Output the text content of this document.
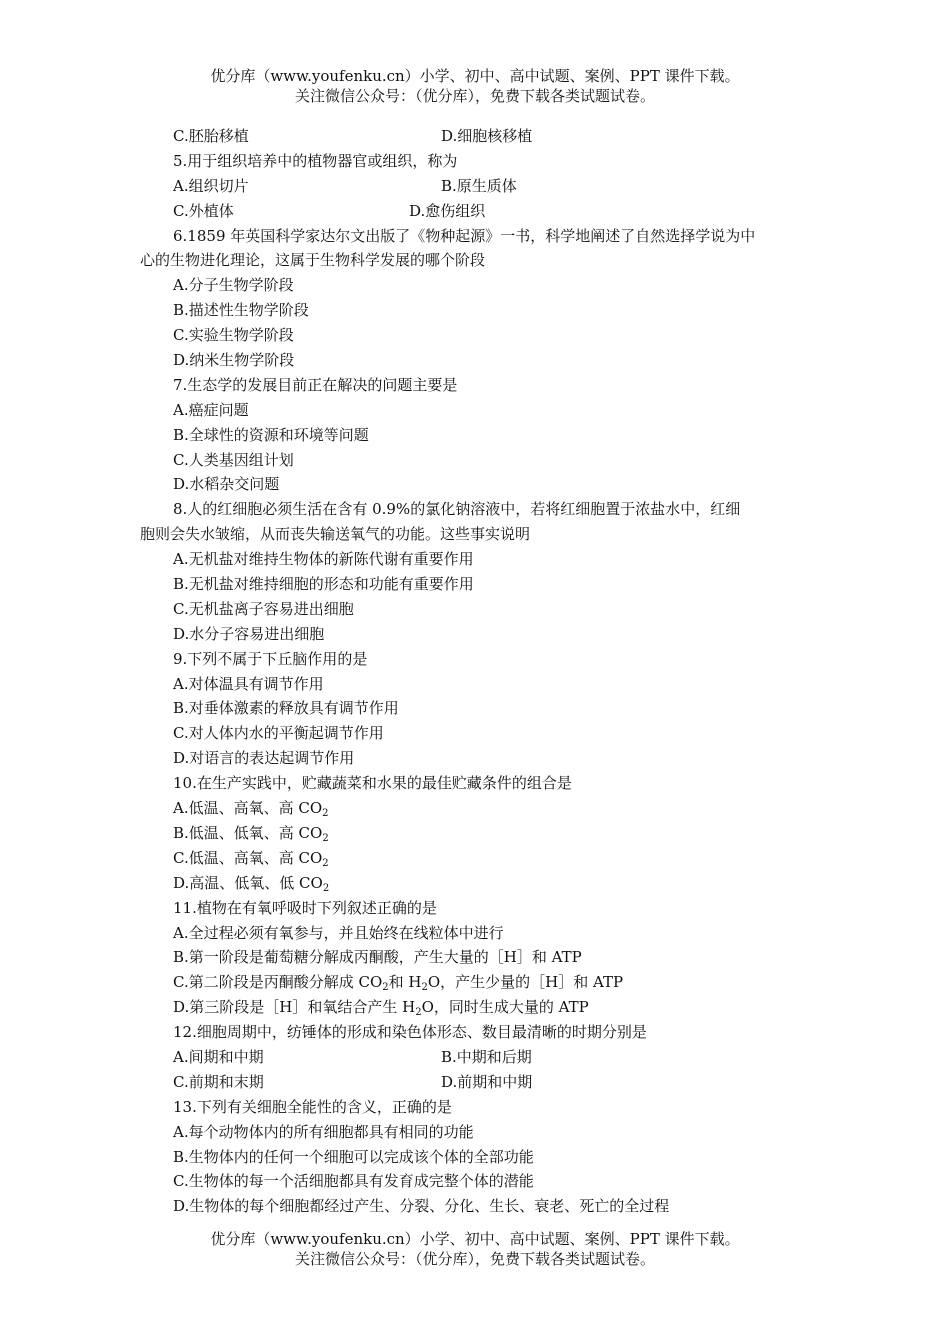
优分库（www.youfenku.cn）小学、初中、高中试题、案例、PPT 课件下载。
关注微信公众号：（优分库），免费下载各类试题试卷。
C.胚胎移植	D.细胞核移植
5.用于组织培养中的植物器官或组织，称为
A.组织切片	B.原生质体
C.外植体	D.愈伤组织
6.1859 年英国科学家达尔文出版了《物种起源》一书，科学地阐述了自然选择学说为中
心的生物进化理论，这属于生物科学发展的哪个阶段
A.分子生物学阶段
B.描述性生物学阶段
C.实验生物学阶段
D.纳米生物学阶段
7.生态学的发展目前正在解决的问题主要是
A.癌症问题
B.全球性的资源和环境等问题
C.人类基因组计划
D.水稻杂交问题
8.人的红细胞必须生活在含有 0.9%的氯化钠溶液中，若将红细胞置于浓盐水中，红细
胞则会失水皱缩，从而丧失输送氧气的功能。这些事实说明
A.无机盐对维持生物体的新陈代谢有重要作用
B.无机盐对维持细胞的形态和功能有重要作用
C.无机盐离子容易进出细胞
D.水分子容易进出细胞
9.下列不属于下丘脑作用的是
A.对体温具有调节作用
B.对垂体激素的释放具有调节作用
C.对人体内水的平衡起调节作用
D.对语言的表达起调节作用
10.在生产实践中，贮藏蔬菜和水果的最佳贮藏条件的组合是
A.低温、高氧、高 $CO_2$
B.低温、低氧、高 $CO_2$
C.低温、高氧、高 $CO_2$
D.高温、低氧、低 $CO_2$
11.植物在有氧呼吸时下列叙述正确的是
A.全过程必须有氧参与，并且始终在线粒体中进行
B.第一阶段是葡萄糖分解成丙酮酸，产生大量的［H］和 ATP
C.第二阶段是丙酮酸分解成 $CO_2$和 $H_2O$，产生少量的［H］和 ATP
D.第三阶段是［H］和氧结合产生 $H_2O$，同时生成大量的 ATP
12.细胞周期中，纺锤体的形成和染色体形态、数目最清晰的时期分别是
A.间期和中期	B.中期和后期
C.前期和末期	D.前期和中期
13.下列有关细胞全能性的含义，正确的是
A.每个动物体内的所有细胞都具有相同的功能
B.生物体内的任何一个细胞可以完成该个体的全部功能
C.生物体的每一个活细胞都具有发育成完整个体的潜能
D.生物体的每个细胞都经过产生、分裂、分化、生长、衰老、死亡的全过程
优分库（www.youfenku.cn）小学、初中、高中试题、案例、PPT 课件下载。
关注微信公众号：（优分库），免费下载各类试题试卷。
